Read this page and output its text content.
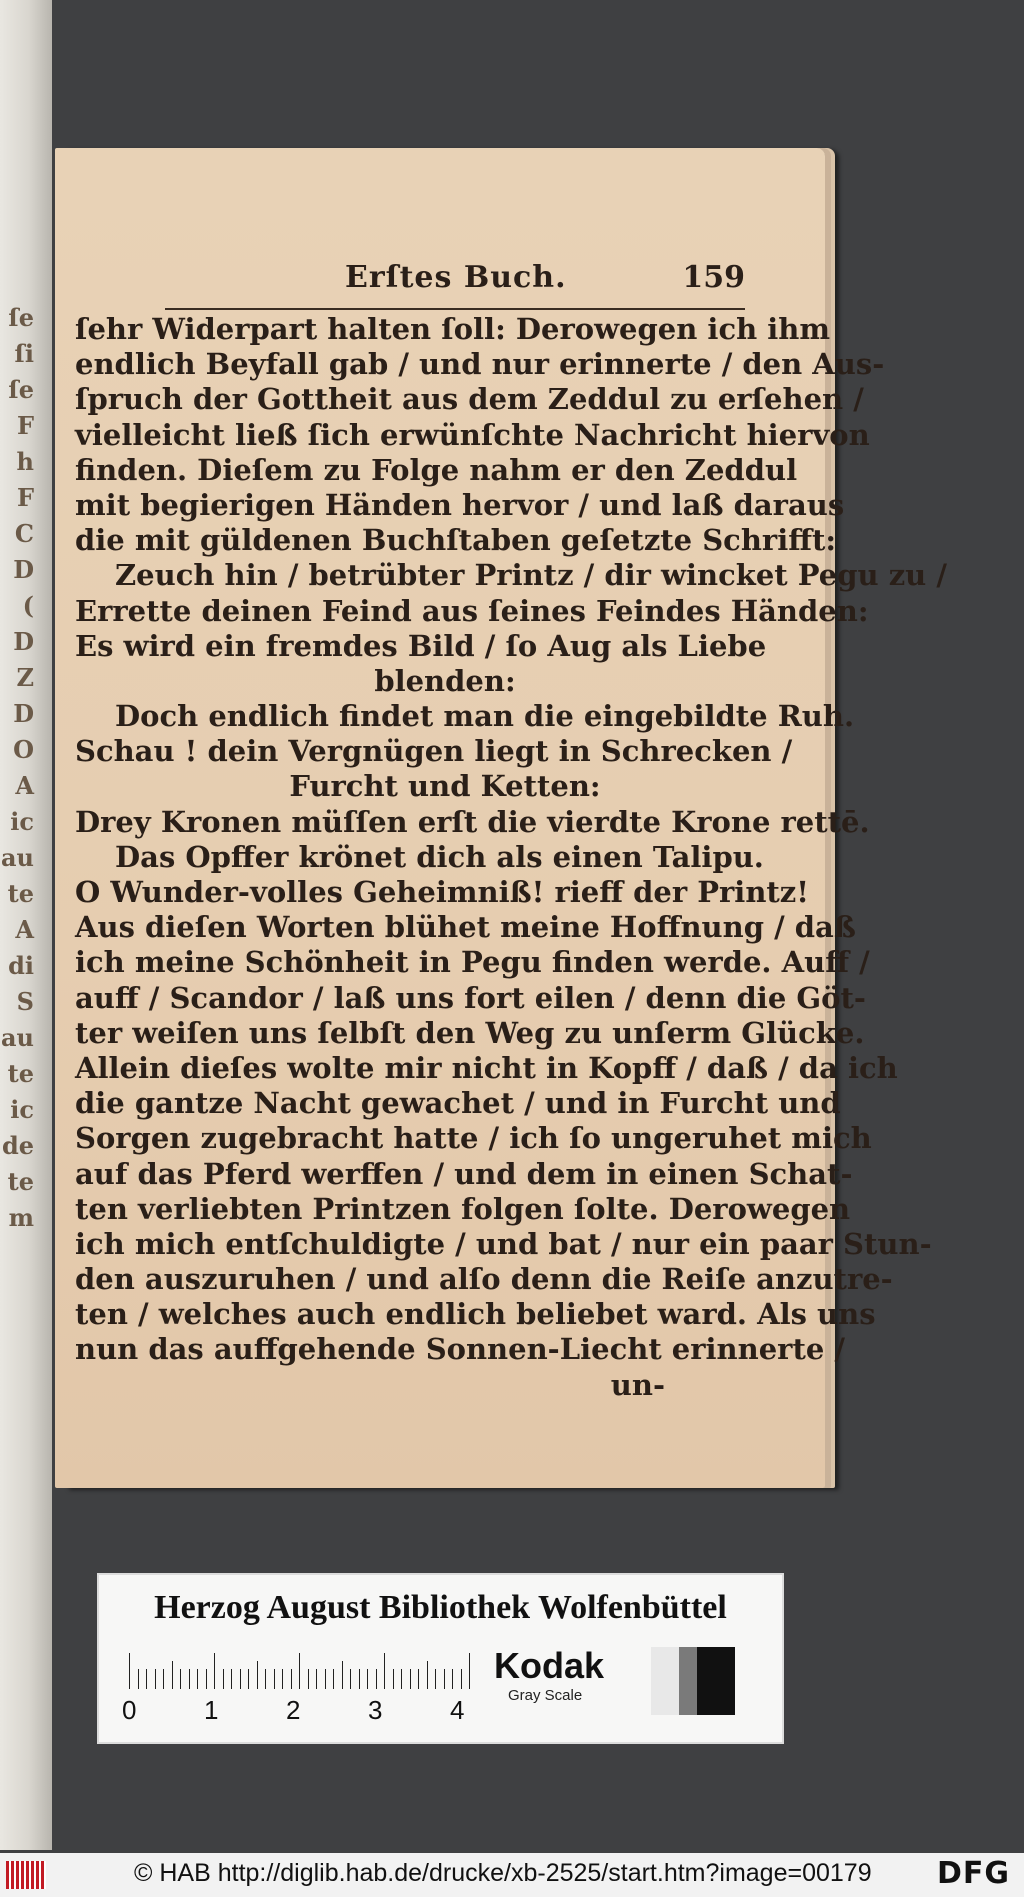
ſe
ſi
ſe
F
h
F
C
D
(
D
Z
D
O
A
ic
au
te
A
di
S
au
te
ic
de
te
m
Erſtes Buch.	159
ſehr Widerpart halten ſoll: Derowegen ich ihm
endlich Beyfall gab / und nur erinnerte / den Aus-
ſpruch der Gottheit aus dem Zeddul zu erſehen /
vielleicht ließ ſich erwünſchte Nachricht hiervon
finden. Dieſem zu Folge nahm er den Zeddul
mit begierigen Händen hervor / und laß daraus
die mit güldenen Buchſtaben geſetzte Schrifft:
Zeuch hin / betrübter Printz / dir wincket Pegu zu /
Errette deinen Feind aus ſeines Feindes Händen:
Es wird ein fremdes Bild / ſo Aug als Liebe
blenden:
Doch endlich findet man die eingebildte Ruh.
Schau ! dein Vergnügen liegt in Schrecken /
Furcht und Ketten:
Drey Kronen müſſen erſt die vierdte Krone rettē.
Das Opffer krönet dich als einen Talipu.
O Wunder-volles Geheimniß! rieff der Printz!
Aus dieſen Worten blühet meine Hoffnung / daß
ich meine Schönheit in Pegu finden werde. Auff /
auff / Scandor / laß uns fort eilen / denn die Göt-
ter weiſen uns ſelbſt den Weg zu unſerm Glücke.
Allein dieſes wolte mir nicht in Kopff / daß / da ich
die gantze Nacht gewachet / und in Furcht und
Sorgen zugebracht hatte / ich ſo ungeruhet mich
auf das Pferd werffen / und dem in einen Schat-
ten verliebten Printzen folgen ſolte. Derowegen
ich mich entſchuldigte / und bat / nur ein paar Stun-
den auszuruhen / und alſo denn die Reiſe anzutre-
ten / welches auch endlich beliebet ward. Als uns
nun das auffgehende Sonnen-Liecht erinnerte /
un-
Herzog August Bibliothek Wolfenbüttel
0	1	2	3	4
Kodak
Gray Scale
© HAB http://diglib.hab.de/drucke/xb-2525/start.htm?image=00179 DFG
